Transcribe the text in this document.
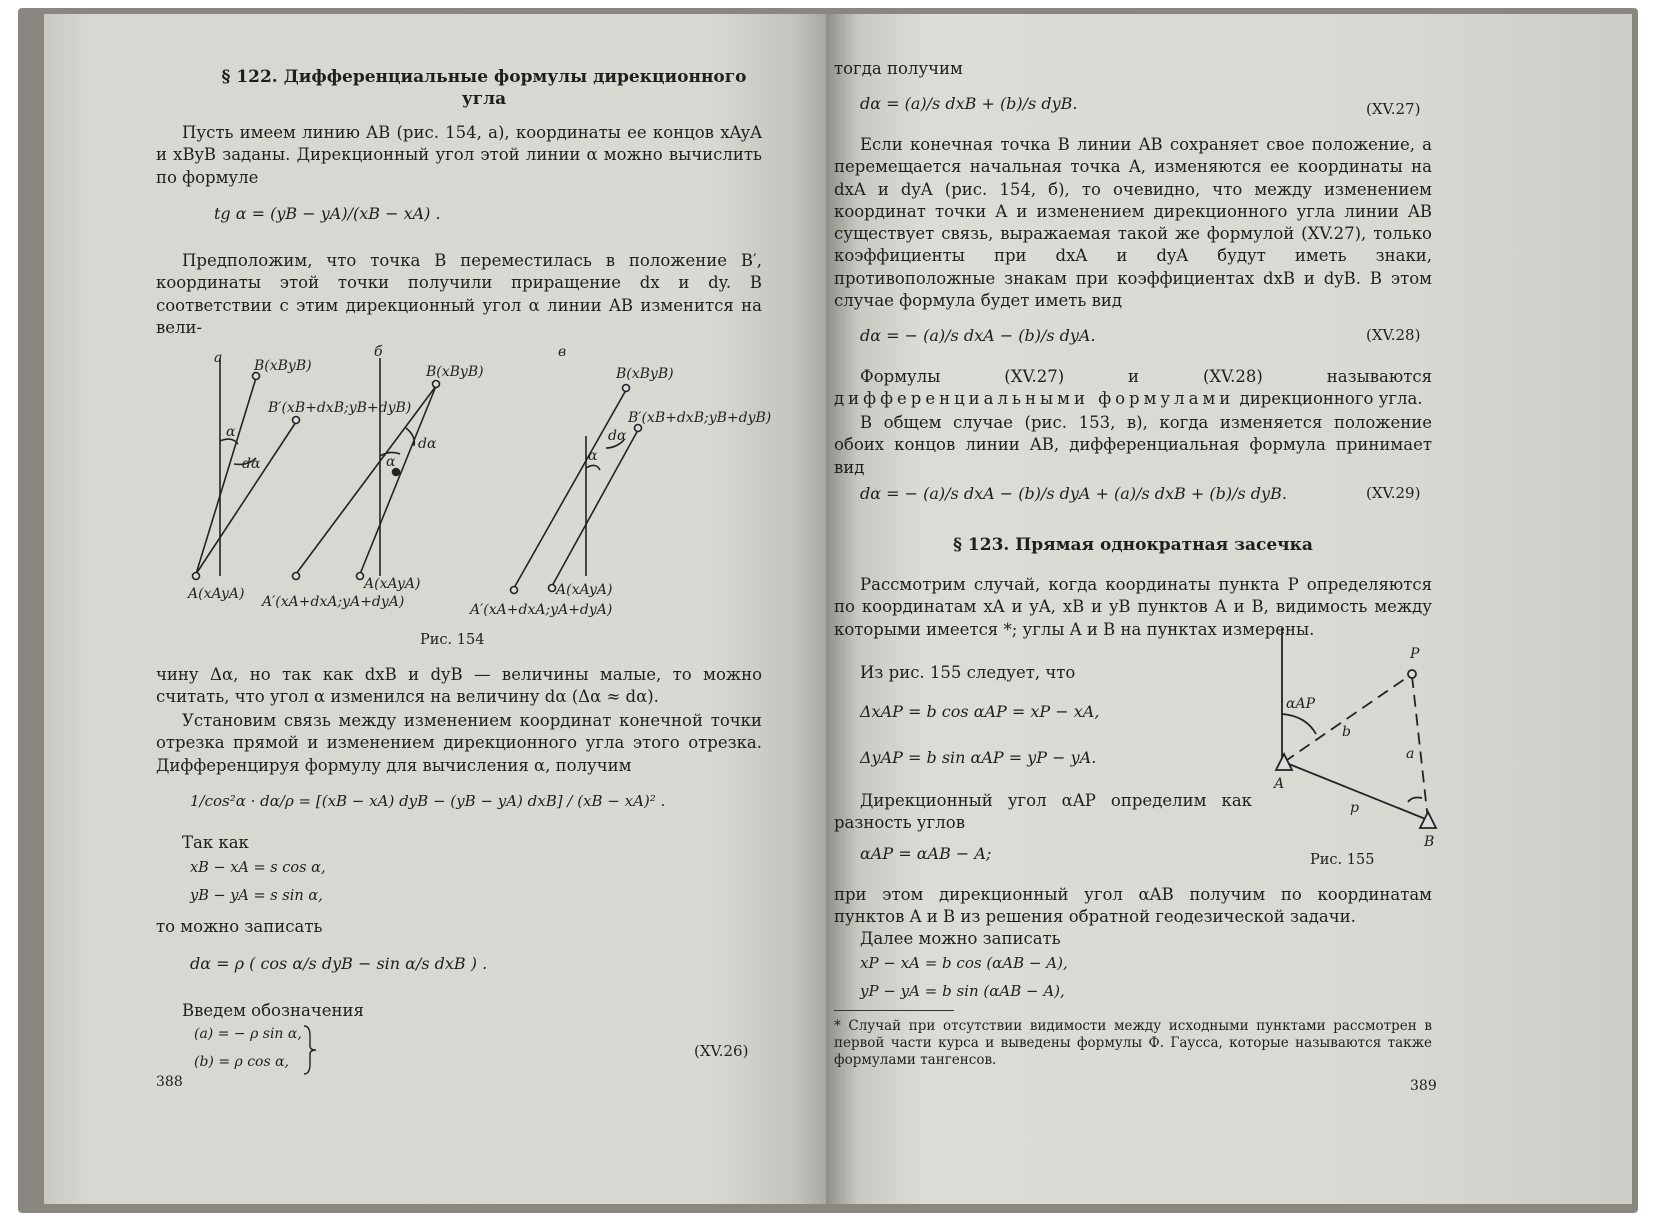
§ 122. Дифференциальные формулы дирекционного угла
Пусть имеем линию AB (рис. 154, а), координаты ее концов xAyA и xByB заданы. Дирекционный угол этой линии α можно вычислить по формуле
tg α = (yB − yA)/(xB − xA) .
Предположим, что точка B переместилась в положение B′, координаты этой точки получили приращение dx и dy. В соответствии с этим дирекционный угол α линии AB изменится на вели-
а	б	в
B(xByB)
B′(xB+dxB;yB+dyB)
α
dα
A(xAyA)
B(xByB)
dα
α
A(xAyA)
A′(xA+dxA;yA+dyA)
B(xByB)
B′(xB+dxB;yB+dyB)
dα
α
A(xAyA)
A′(xA+dxA;yA+dyA)
Рис. 154
чину Δα, но так как dxB и dyB — величины малые, то можно считать, что угол α изменился на величину dα (Δα ≈ dα).
Установим связь между изменением координат конечной точки отрезка прямой и изменением дирекционного угла этого отрезка. Дифференцируя формулу для вычисления α, получим
1/cos²α · dα/ρ = [(xB − xA) dyB − (yB − yA) dxB] / (xB − xA)² .
Так как
xB − xA = s cos α,
yB − yA = s sin α,
то можно записать
dα = ρ ( cos α/s dyB − sin α/s dxB ) .
Введем обозначения
(a) = − ρ sin α,
(b) = ρ cos α,
(XV.26)
388
тогда получим
dα = (a)/s dxB + (b)/s dyB.	(XV.27)
Если конечная точка B линии AB сохраняет свое положение, а перемещается начальная точка A, изменяются ее координаты на dxA и dyA (рис. 154, б), то очевидно, что между изменением координат точки A и изменением дирекционного угла линии AB существует связь, выражаемая такой же формулой (XV.27), только коэффициенты при dxA и dyA будут иметь знаки, противоположные знакам при коэффициентах dxB и dyB. В этом случае формула будет иметь вид
dα = − (a)/s dxA − (b)/s dyA.	(XV.28)
Формулы (XV.27) и (XV.28) называются дифференциальными формулами дирекционного угла.
В общем случае (рис. 153, в), когда изменяется положение обоих концов линии AB, дифференциальная формула принимает вид
dα = − (a)/s dxA − (b)/s dyA + (a)/s dxB + (b)/s dyB.	(XV.29)
§ 123. Прямая однократная засечка
Рассмотрим случай, когда координаты пункта P определяются по координатам xA и yA, xB и yB пунктов A и B, видимость между которыми имеется *; углы A и B на пунктах измерены.
Из рис. 155 следует, что
ΔxAP = b cos αAP = xP − xA,
ΔyAP = b sin αAP = yP − yA.
Дирекционный угол αAP определим как разность углов
αAP = αAB − A;
P
A
B
αAP
b
a
p
Рис. 155
при этом дирекционный угол αAB получим по координатам пунктов A и B из решения обратной геодезической задачи.
Далее можно записать
xP − xA = b cos (αAB − A),
yP − yA = b sin (αAB − A),
* Случай при отсутствии видимости между исходными пунктами рассмотрен в первой части курса и выведены формулы Ф. Гаусса, которые называются также формулами тангенсов.
389
